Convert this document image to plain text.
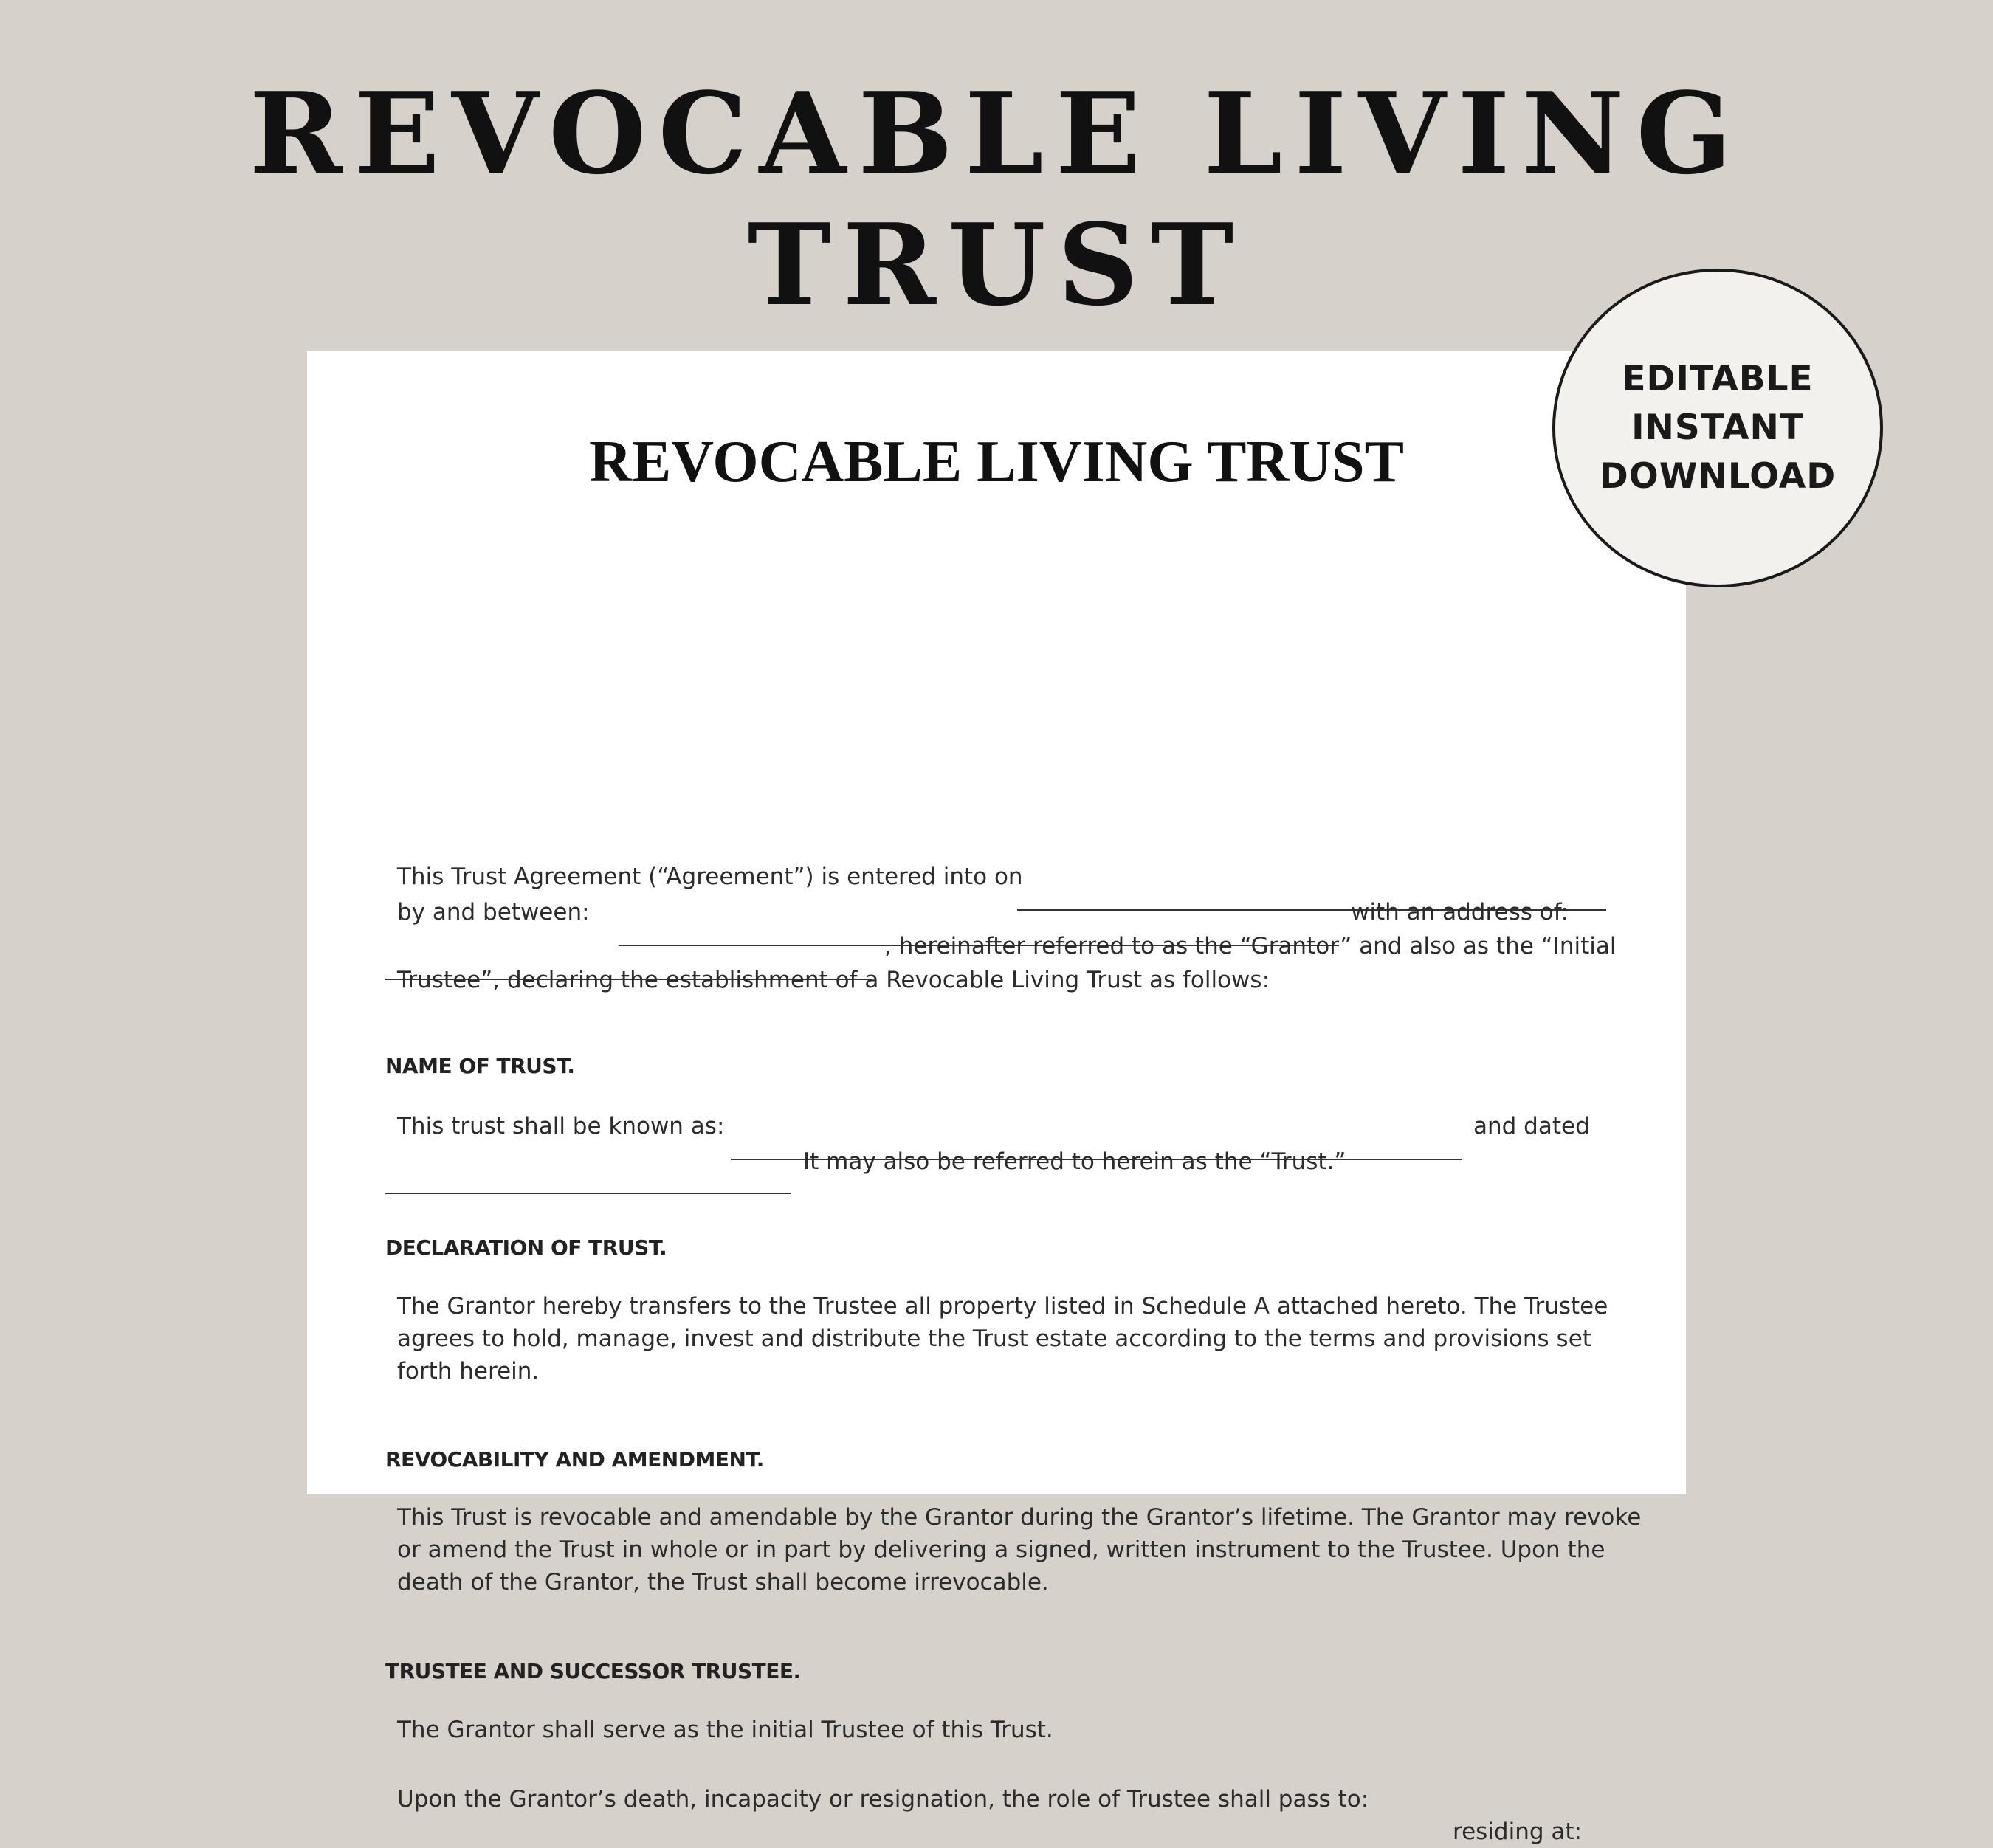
REVOCABLE LIVING
TRUST
REVOCABLE LIVING TRUST
This Trust Agreement (“Agreement”) is entered into on
by and between:	with an address of:
, hereinafter referred to as the “Grantor” and also as the “Initial
Trustee”, declaring the establishment of a Revocable Living Trust as follows:
NAME OF TRUST.
This trust shall be known as:	and dated
It may also be referred to herein as the “Trust.”
DECLARATION OF TRUST.
The Grantor hereby transfers to the Trustee all property listed in Schedule A attached hereto. The Trustee
agrees to hold, manage, invest and distribute the Trust estate according to the terms and provisions set
forth herein.
REVOCABILITY AND AMENDMENT.
This Trust is revocable and amendable by the Grantor during the Grantor’s lifetime. The Grantor may revoke
or amend the Trust in whole or in part by delivering a signed, written instrument to the Trustee. Upon the
death of the Grantor, the Trust shall become irrevocable.
TRUSTEE AND SUCCESSOR TRUSTEE.
The Grantor shall serve as the initial Trustee of this Trust.
Upon the Grantor’s death, incapacity or resignation, the role of Trustee shall pass to:
residing at:
EDITABLE
INSTANT
DOWNLOAD
